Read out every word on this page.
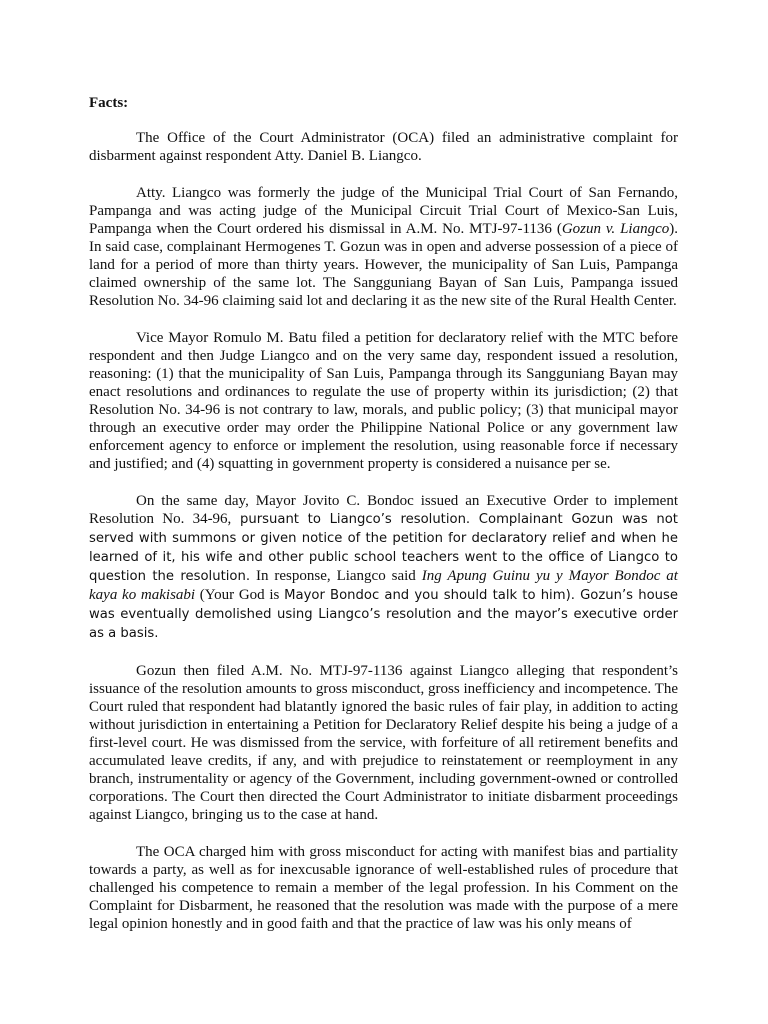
Facts:

The Office of the Court Administrator (OCA) filed an administrative complaint for disbarment against respondent Atty. Daniel B. Liangco.

Atty. Liangco was formerly the judge of the Municipal Trial Court of San Fernando, Pampanga and was acting judge of the Municipal Circuit Trial Court of Mexico-San Luis, Pampanga when the Court ordered his dismissal in A.M. No. MTJ-97-1136 (Gozun v. Liangco). In said case, complainant Hermogenes T. Gozun was in open and adverse possession of a piece of land for a period of more than thirty years. However, the municipality of San Luis, Pampanga claimed ownership of the same lot. The Sangguniang Bayan of San Luis, Pampanga issued Resolution No. 34-96 claiming said lot and declaring it as the new site of the Rural Health Center.

Vice Mayor Romulo M. Batu filed a petition for declaratory relief with the MTC before respondent and then Judge Liangco and on the very same day, respondent issued a resolution, reasoning: (1) that the municipality of San Luis, Pampanga through its Sangguniang Bayan may enact resolutions and ordinances to regulate the use of property within its jurisdiction; (2) that Resolution No. 34-96 is not contrary to law, morals, and public policy; (3) that municipal mayor through an executive order may order the Philippine National Police or any government law enforcement agency to enforce or implement the resolution, using reasonable force if necessary and justified; and (4) squatting in government property is considered a nuisance per se.

On the same day, Mayor Jovito C. Bondoc issued an Executive Order to implement Resolution No. 34-96, pursuant to Liangco’s resolution. Complainant Gozun was not served with summons or given notice of the petition for declaratory relief and when he learned of it, his wife and other public school teachers went to the office of Liangco to question the resolution. In response, Liangco said Ing Apung Guinu yu y Mayor Bondoc at kaya ko makisabi (Your God is Mayor Bondoc and you should talk to him). Gozun’s house was eventually demolished using Liangco’s resolution and the mayor’s executive order as a basis.

Gozun then filed A.M. No. MTJ-97-1136 against Liangco alleging that respondent’s issuance of the resolution amounts to gross misconduct, gross inefficiency and incompetence. The Court ruled that respondent had blatantly ignored the basic rules of fair play, in addition to acting without jurisdiction in entertaining a Petition for Declaratory Relief despite his being a judge of a first-level court. He was dismissed from the service, with forfeiture of all retirement benefits and accumulated leave credits, if any, and with prejudice to reinstatement or reemployment in any branch, instrumentality or agency of the Government, including government-owned or controlled corporations. The Court then directed the Court Administrator to initiate disbarment proceedings against Liangco, bringing us to the case at hand.

The OCA charged him with gross misconduct for acting with manifest bias and partiality towards a party, as well as for inexcusable ignorance of well-established rules of procedure that challenged his competence to remain a member of the legal profession. In his Comment on the Complaint for Disbarment, he reasoned that the resolution was made with the purpose of a mere legal opinion honestly and in good faith and that the practice of law was his only means of
